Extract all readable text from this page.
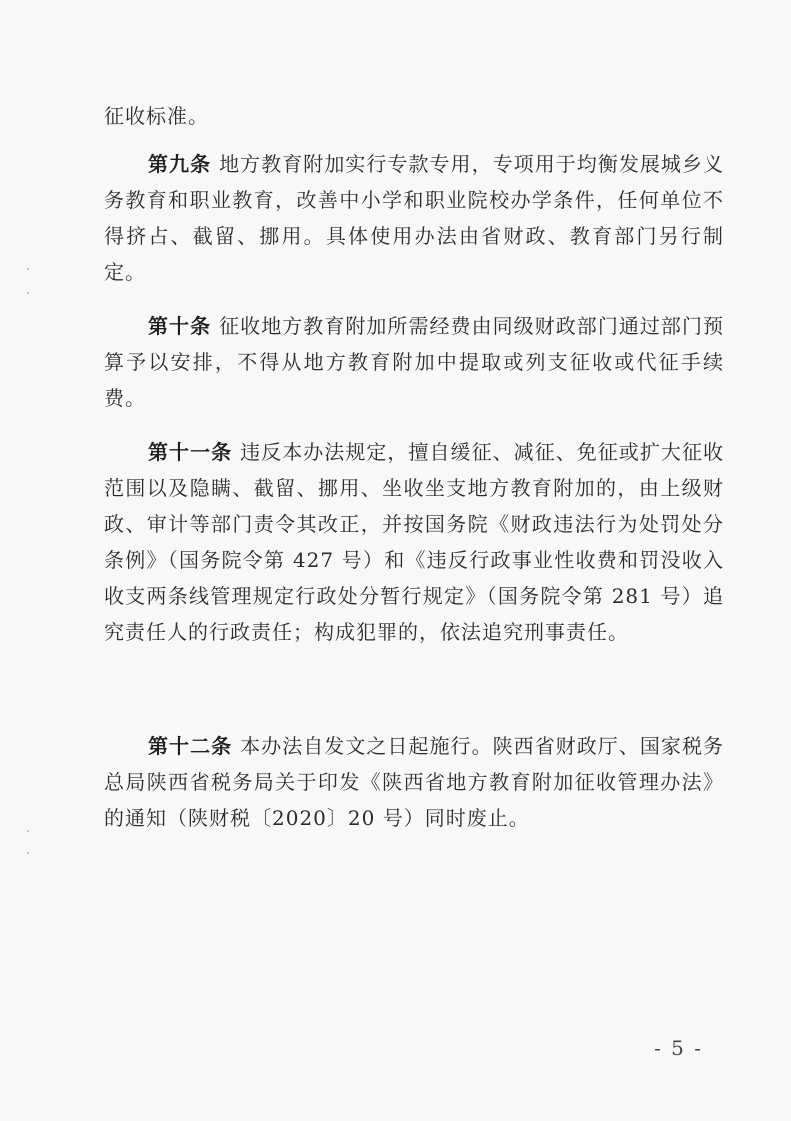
征收标准。

第九条 地方教育附加实行专款专用，专项用于均衡发展城乡义务教育和职业教育，改善中小学和职业院校办学条件，任何单位不得挤占、截留、挪用。具体使用办法由省财政、教育部门另行制定。

第十条 征收地方教育附加所需经费由同级财政部门通过部门预算予以安排，不得从地方教育附加中提取或列支征收或代征手续费。

第十一条 违反本办法规定，擅自缓征、减征、免征或扩大征收范围以及隐瞒、截留、挪用、坐收坐支地方教育附加的，由上级财政、审计等部门责令其改正，并按国务院《财政违法行为处罚处分条例》（国务院令第 427 号）和《违反行政事业性收费和罚没收入收支两条线管理规定行政处分暂行规定》（国务院令第 281 号）追究责任人的行政责任；构成犯罪的，依法追究刑事责任。

第十二条 本办法自发文之日起施行。陕西省财政厅、国家税务总局陕西省税务局关于印发《陕西省地方教育附加征收管理办法》的通知（陕财税〔2020〕20 号）同时废止。

- 5 -
